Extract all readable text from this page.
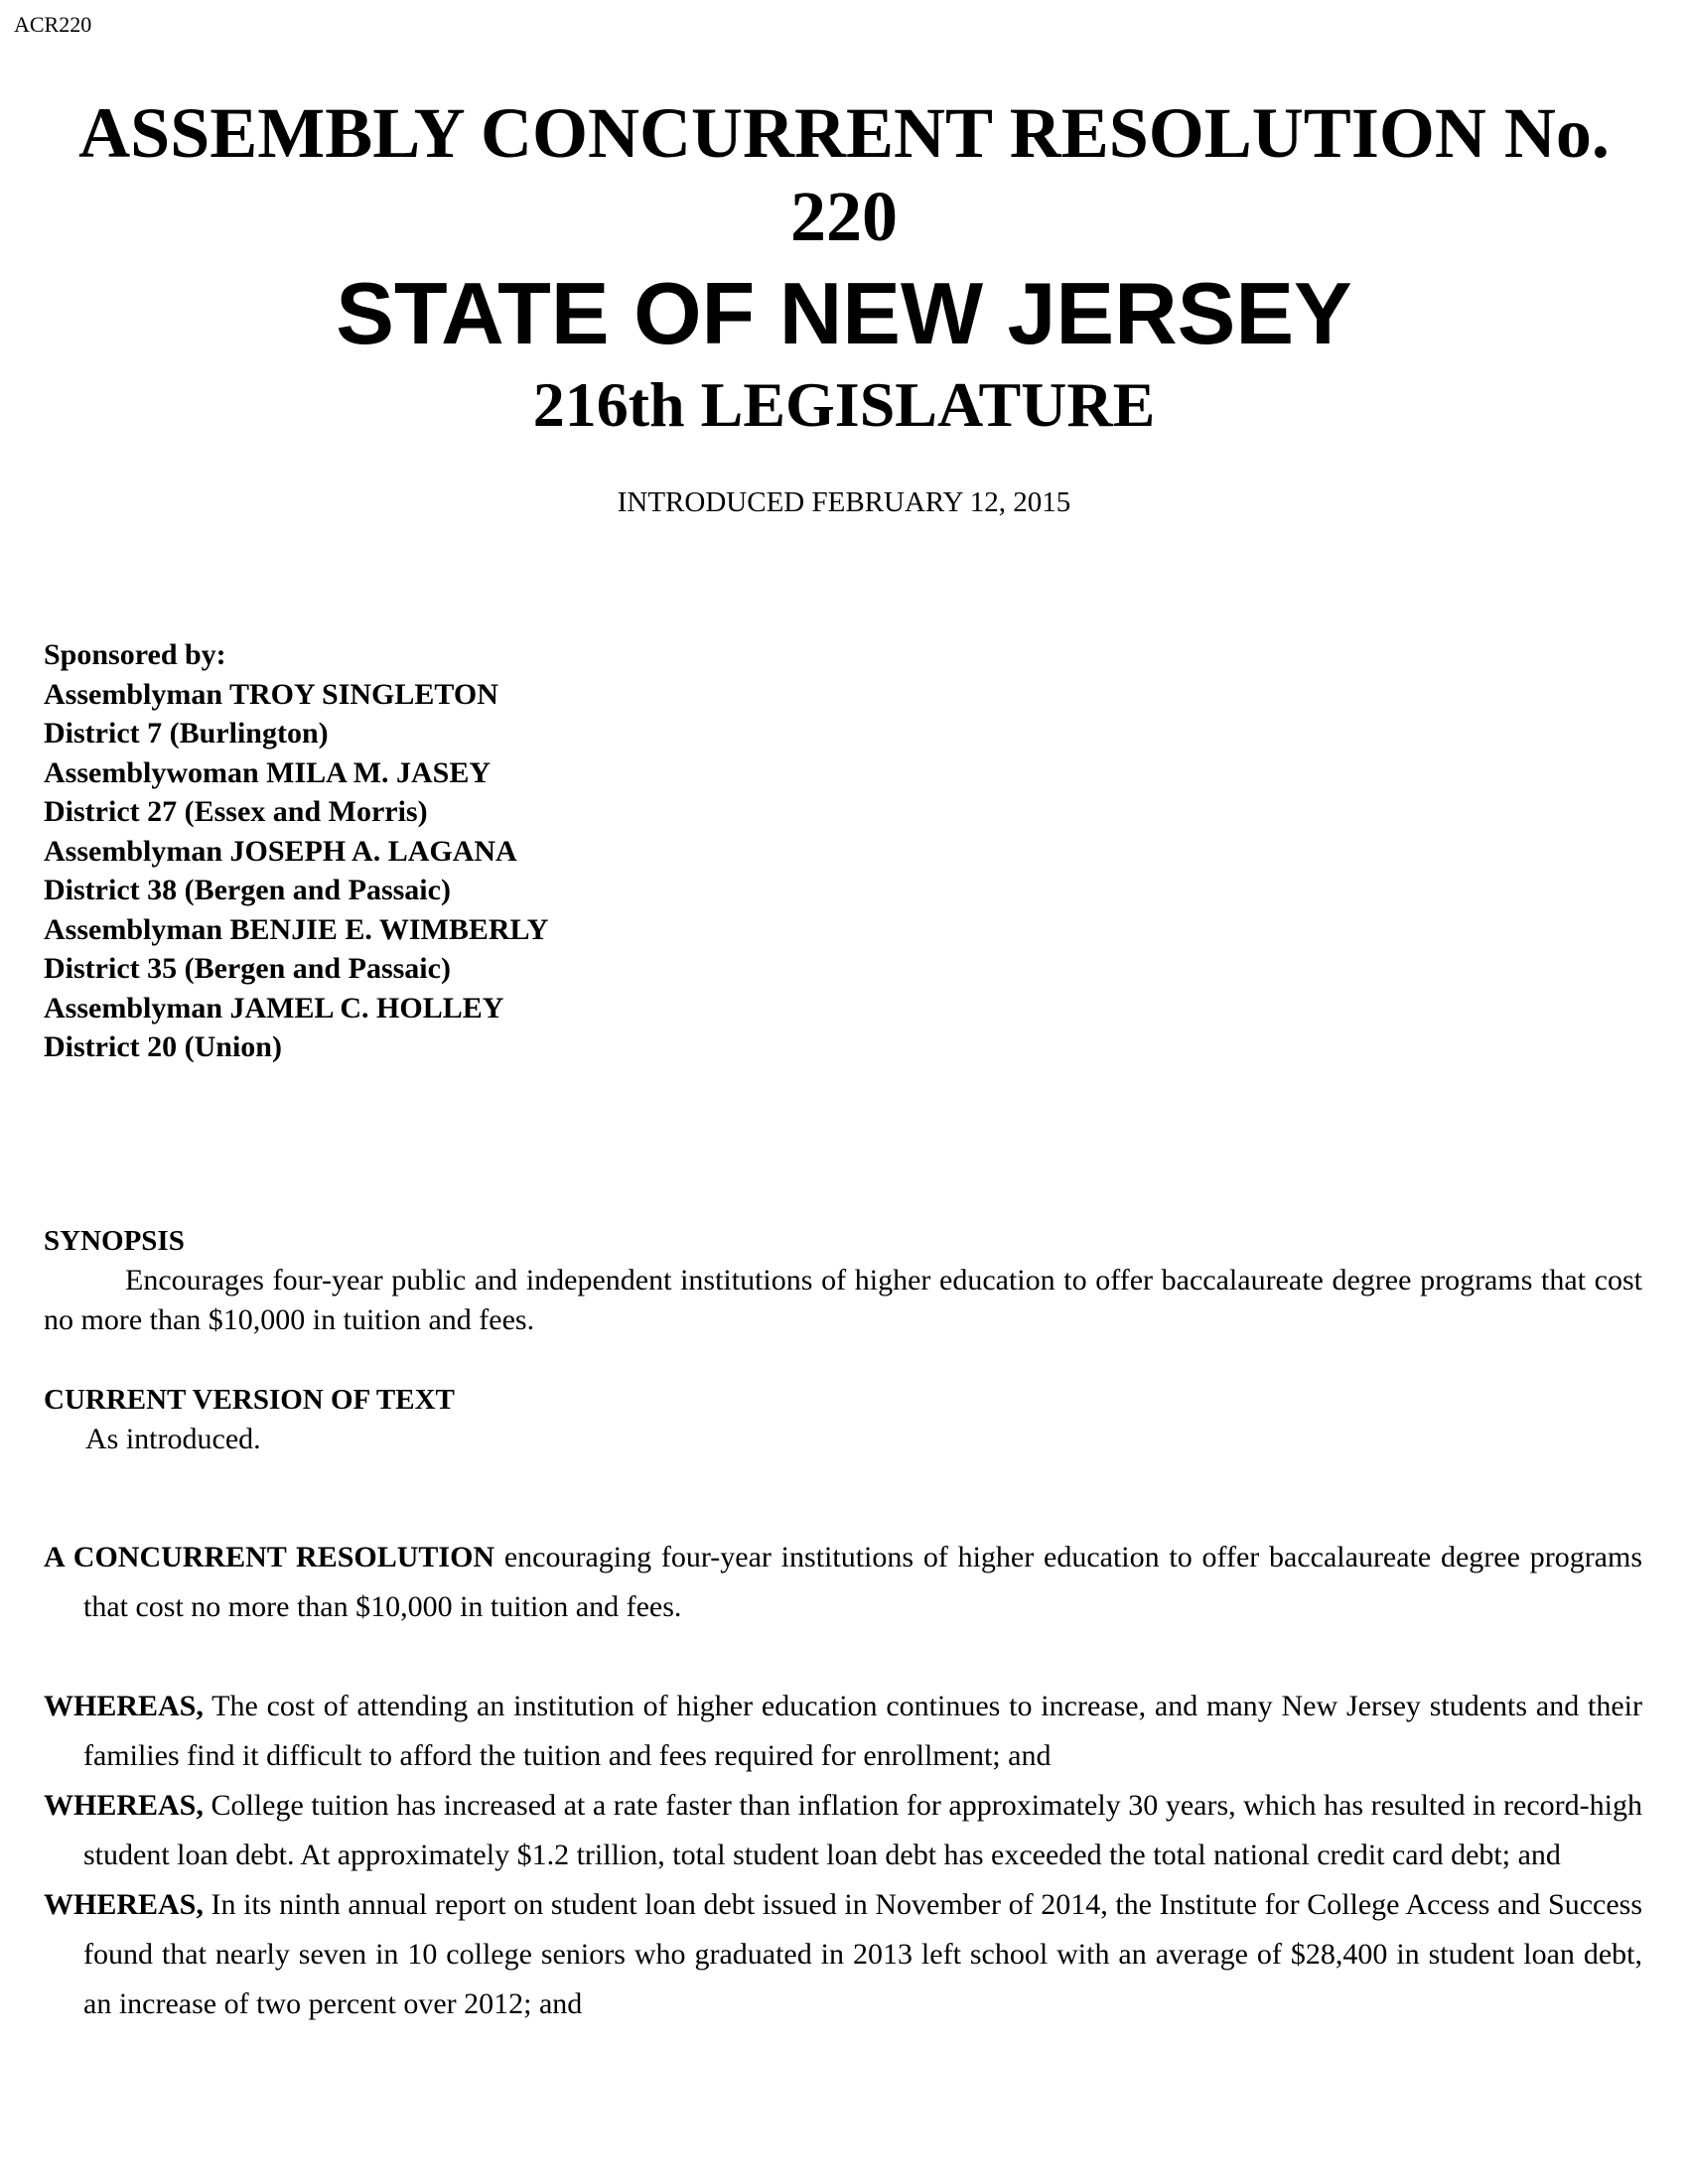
ACR220
ASSEMBLY CONCURRENT RESOLUTION No.
220
STATE OF NEW JERSEY
216th LEGISLATURE
INTRODUCED FEBRUARY 12, 2015
Sponsored by:
Assemblyman TROY SINGLETON
District 7 (Burlington)
Assemblywoman MILA M. JASEY
District 27 (Essex and Morris)
Assemblyman JOSEPH A. LAGANA
District 38 (Bergen and Passaic)
Assemblyman BENJIE E. WIMBERLY
District 35 (Bergen and Passaic)
Assemblyman JAMEL C. HOLLEY
District 20 (Union)
SYNOPSIS
Encourages four-year public and independent institutions of higher education to offer baccalaureate degree programs that cost no more than $10,000 in tuition and fees.
CURRENT VERSION OF TEXT
As introduced.
A CONCURRENT RESOLUTION encouraging four-year institutions of higher education to offer baccalaureate degree programs that cost no more than $10,000 in tuition and fees.
WHEREAS, The cost of attending an institution of higher education continues to increase, and many New Jersey students and their families find it difficult to afford the tuition and fees required for enrollment; and
WHEREAS, College tuition has increased at a rate faster than inflation for approximately 30 years, which has resulted in record-high student loan debt. At approximately $1.2 trillion, total student loan debt has exceeded the total national credit card debt; and
WHEREAS, In its ninth annual report on student loan debt issued in November of 2014, the Institute for College Access and Success found that nearly seven in 10 college seniors who graduated in 2013 left school with an average of $28,400 in student loan debt, an increase of two percent over 2012; and
